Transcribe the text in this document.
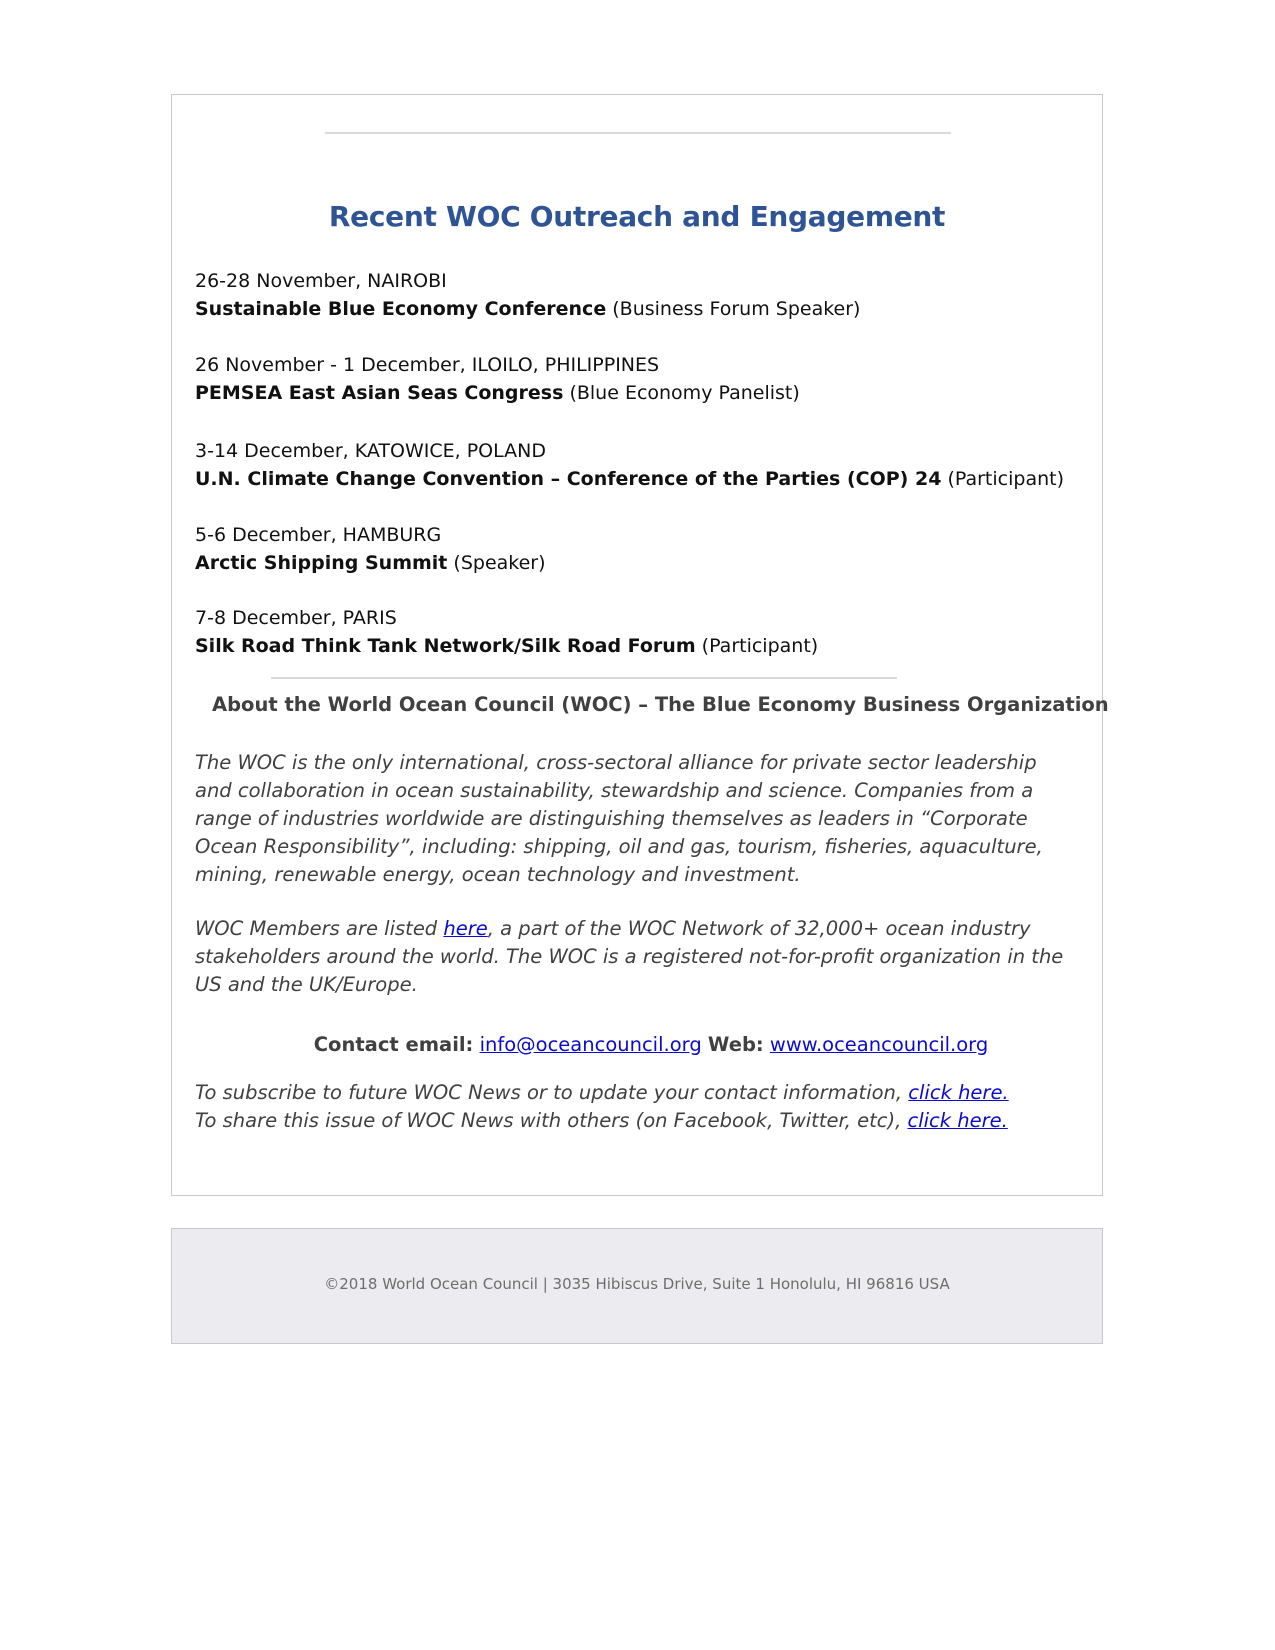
Recent WOC Outreach and Engagement
26-28 November, NAIROBI
Sustainable Blue Economy Conference (Business Forum Speaker)
26 November - 1 December, ILOILO, PHILIPPINES
PEMSEA East Asian Seas Congress (Blue Economy Panelist)
3-14 December, KATOWICE, POLAND
U.N. Climate Change Convention – Conference of the Parties (COP) 24 (Participant)
5-6 December, HAMBURG
Arctic Shipping Summit (Speaker)
7-8 December, PARIS
Silk Road Think Tank Network/Silk Road Forum (Participant)
About the World Ocean Council (WOC) – The Blue Economy Business Organization
The WOC is the only international, cross-sectoral alliance for private sector leadership and collaboration in ocean sustainability, stewardship and science. Companies from a range of industries worldwide are distinguishing themselves as leaders in “Corporate Ocean Responsibility”, including: shipping, oil and gas, tourism, fisheries, aquaculture, mining, renewable energy, ocean technology and investment.
WOC Members are listed here, a part of the WOC Network of 32,000+ ocean industry stakeholders around the world. The WOC is a registered not-for-profit organization in the US and the UK/Europe.
Contact email: info@oceancouncil.org Web: www.oceancouncil.org
To subscribe to future WOC News or to update your contact information, click here.
To share this issue of WOC News with others (on Facebook, Twitter, etc), click here.
©2018 World Ocean Council | 3035 Hibiscus Drive, Suite 1 Honolulu, HI 96816 USA
